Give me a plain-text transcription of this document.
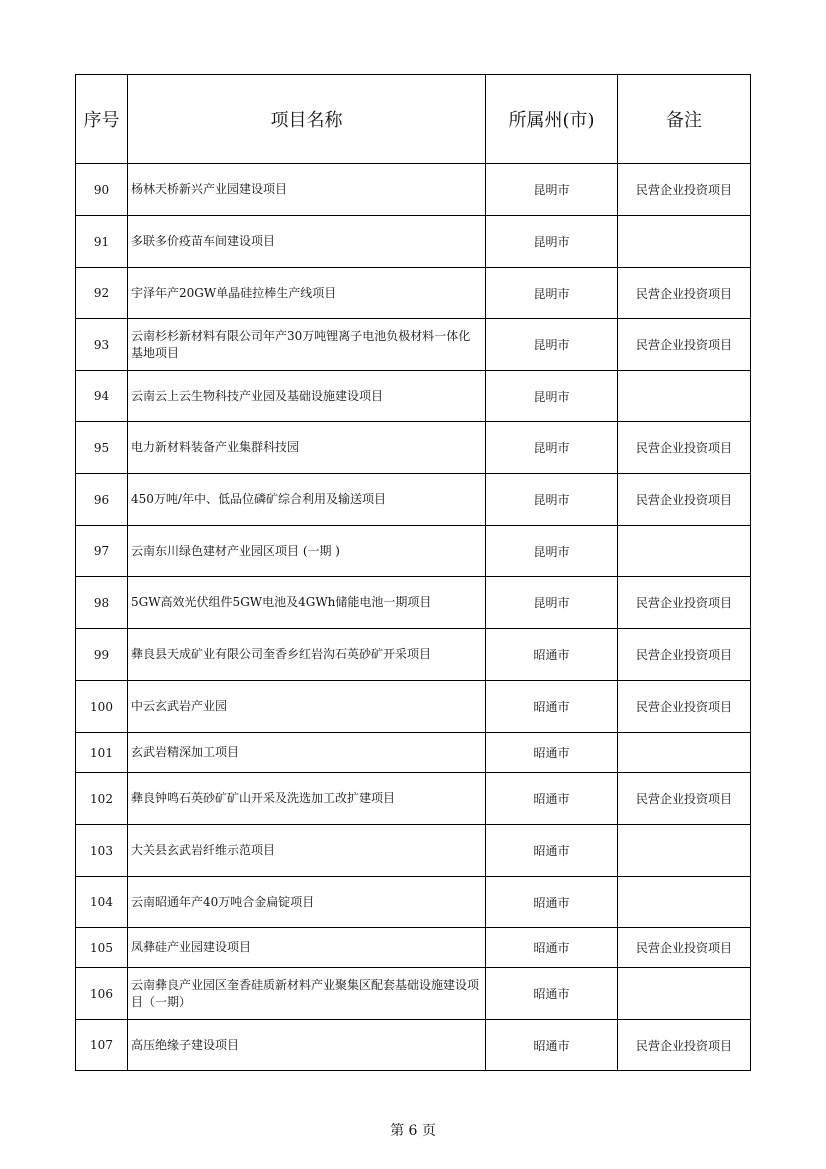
序号	项目名称	所属州(市)	备注
90	杨林天桥新兴产业园建设项目	昆明市	民营企业投资项目
91	多联多价疫苗车间建设项目	昆明市	
92	宇泽年产20GW单晶硅拉棒生产线项目	昆明市	民营企业投资项目
93	云南杉杉新材料有限公司年产30万吨锂离子电池负极材料一体化基地项目	昆明市	民营企业投资项目
94	云南云上云生物科技产业园及基础设施建设项目	昆明市	
95	电力新材料装备产业集群科技园	昆明市	民营企业投资项目
96	450万吨/年中、低品位磷矿综合利用及输送项目	昆明市	民营企业投资项目
97	云南东川绿色建材产业园区项目 (一期 )	昆明市	
98	5GW高效光伏组件5GW电池及4GWh储能电池一期项目	昆明市	民营企业投资项目
99	彝良县天成矿业有限公司奎香乡红岩沟石英砂矿开采项目	昭通市	民营企业投资项目
100	中云玄武岩产业园	昭通市	民营企业投资项目
101	玄武岩精深加工项目	昭通市	
102	彝良钟鸣石英砂矿矿山开采及洗选加工改扩建项目	昭通市	民营企业投资项目
103	大关县玄武岩纤维示范项目	昭通市	
104	云南昭通年产40万吨合金扁锭项目	昭通市	
105	凤彝硅产业园建设项目	昭通市	民营企业投资项目
106	云南彝良产业园区奎香硅质新材料产业聚集区配套基础设施建设项目（一期）	昭通市	
107	高压绝缘子建设项目	昭通市	民营企业投资项目
第 6 页
